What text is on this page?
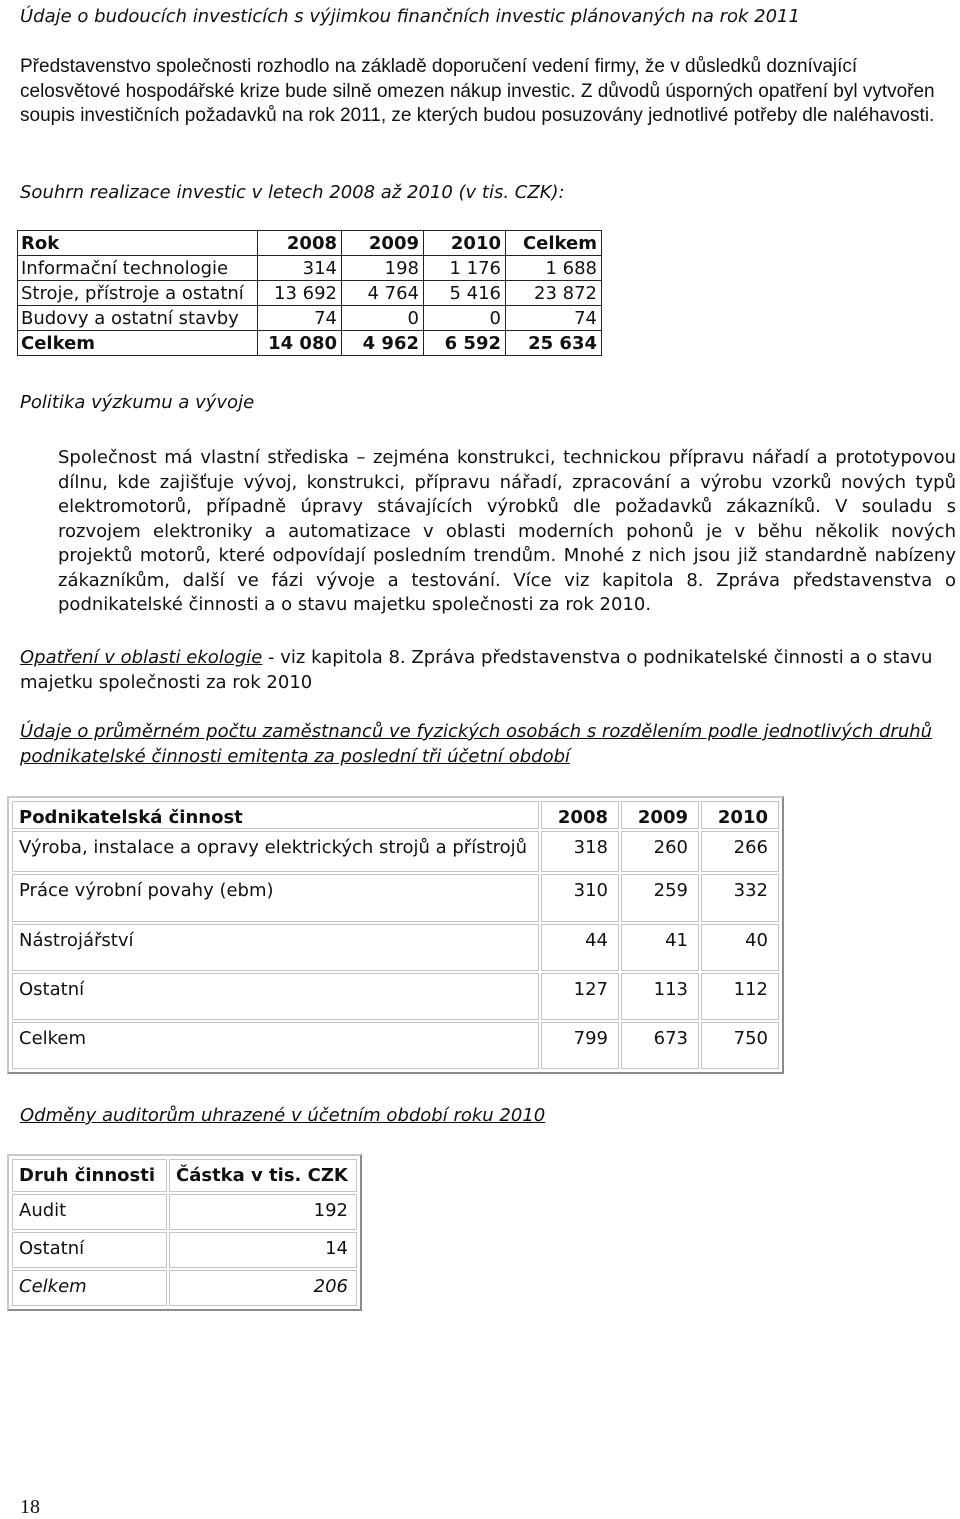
Údaje o budoucích investicích s výjimkou finančních investic plánovaných na rok 2011
Představenstvo společnosti rozhodlo na základě doporučení vedení firmy, že v důsledků doznívající celosvětové hospodářské krize bude silně omezen nákup investic. Z důvodů úsporných opatření byl vytvořen soupis investičních požadavků na rok 2011, ze kterých budou posuzovány jednotlivé potřeby dle naléhavosti.
Souhrn realizace investic v letech 2008 až 2010 (v tis. CZK):
Rok	2008	2009	2010	Celkem
Informační technologie	314	198	1 176	1 688
Stroje, přístroje a ostatní	13 692	4 764	5 416	23 872
Budovy a ostatní stavby	74	0	0	74
Celkem	14 080	4 962	6 592	25 634
Politika výzkumu a vývoje
Společnost má vlastní střediska – zejména konstrukci, technickou přípravu nářadí a prototypovou dílnu, kde zajišťuje vývoj, konstrukci, přípravu nářadí, zpracování a výrobu vzorků nových typů elektromotorů, případně úpravy stávajících výrobků dle požadavků zákazníků. V souladu s rozvojem elektroniky a automatizace v oblasti moderních pohonů je v běhu několik nových projektů motorů, které odpovídají posledním trendům. Mnohé z nich jsou již standardně nabízeny zákazníkům, další ve fázi vývoje a testování. Více viz kapitola 8. Zpráva představenstva o podnikatelské činnosti a o stavu majetku společnosti za rok 2010.
Opatření v oblasti ekologie - viz kapitola 8. Zpráva představenstva o podnikatelské činnosti a o stavu majetku společnosti za rok 2010
Údaje o průměrném počtu zaměstnanců ve fyzických osobách s rozdělením podle jednotlivých druhů podnikatelské činnosti emitenta za poslední tři účetní období
Podnikatelská činnost	2008	2009	2010
Výroba, instalace a opravy elektrických strojů a přístrojů	318	260	266
Práce výrobní povahy (ebm)	310	259	332
Nástrojářství	44	41	40
Ostatní	127	113	112
Celkem	799	673	750
Odměny auditorům uhrazené v účetním období roku 2010
Druh činnosti	Částka v tis. CZK
Audit	192
Ostatní	14
Celkem	206
18
